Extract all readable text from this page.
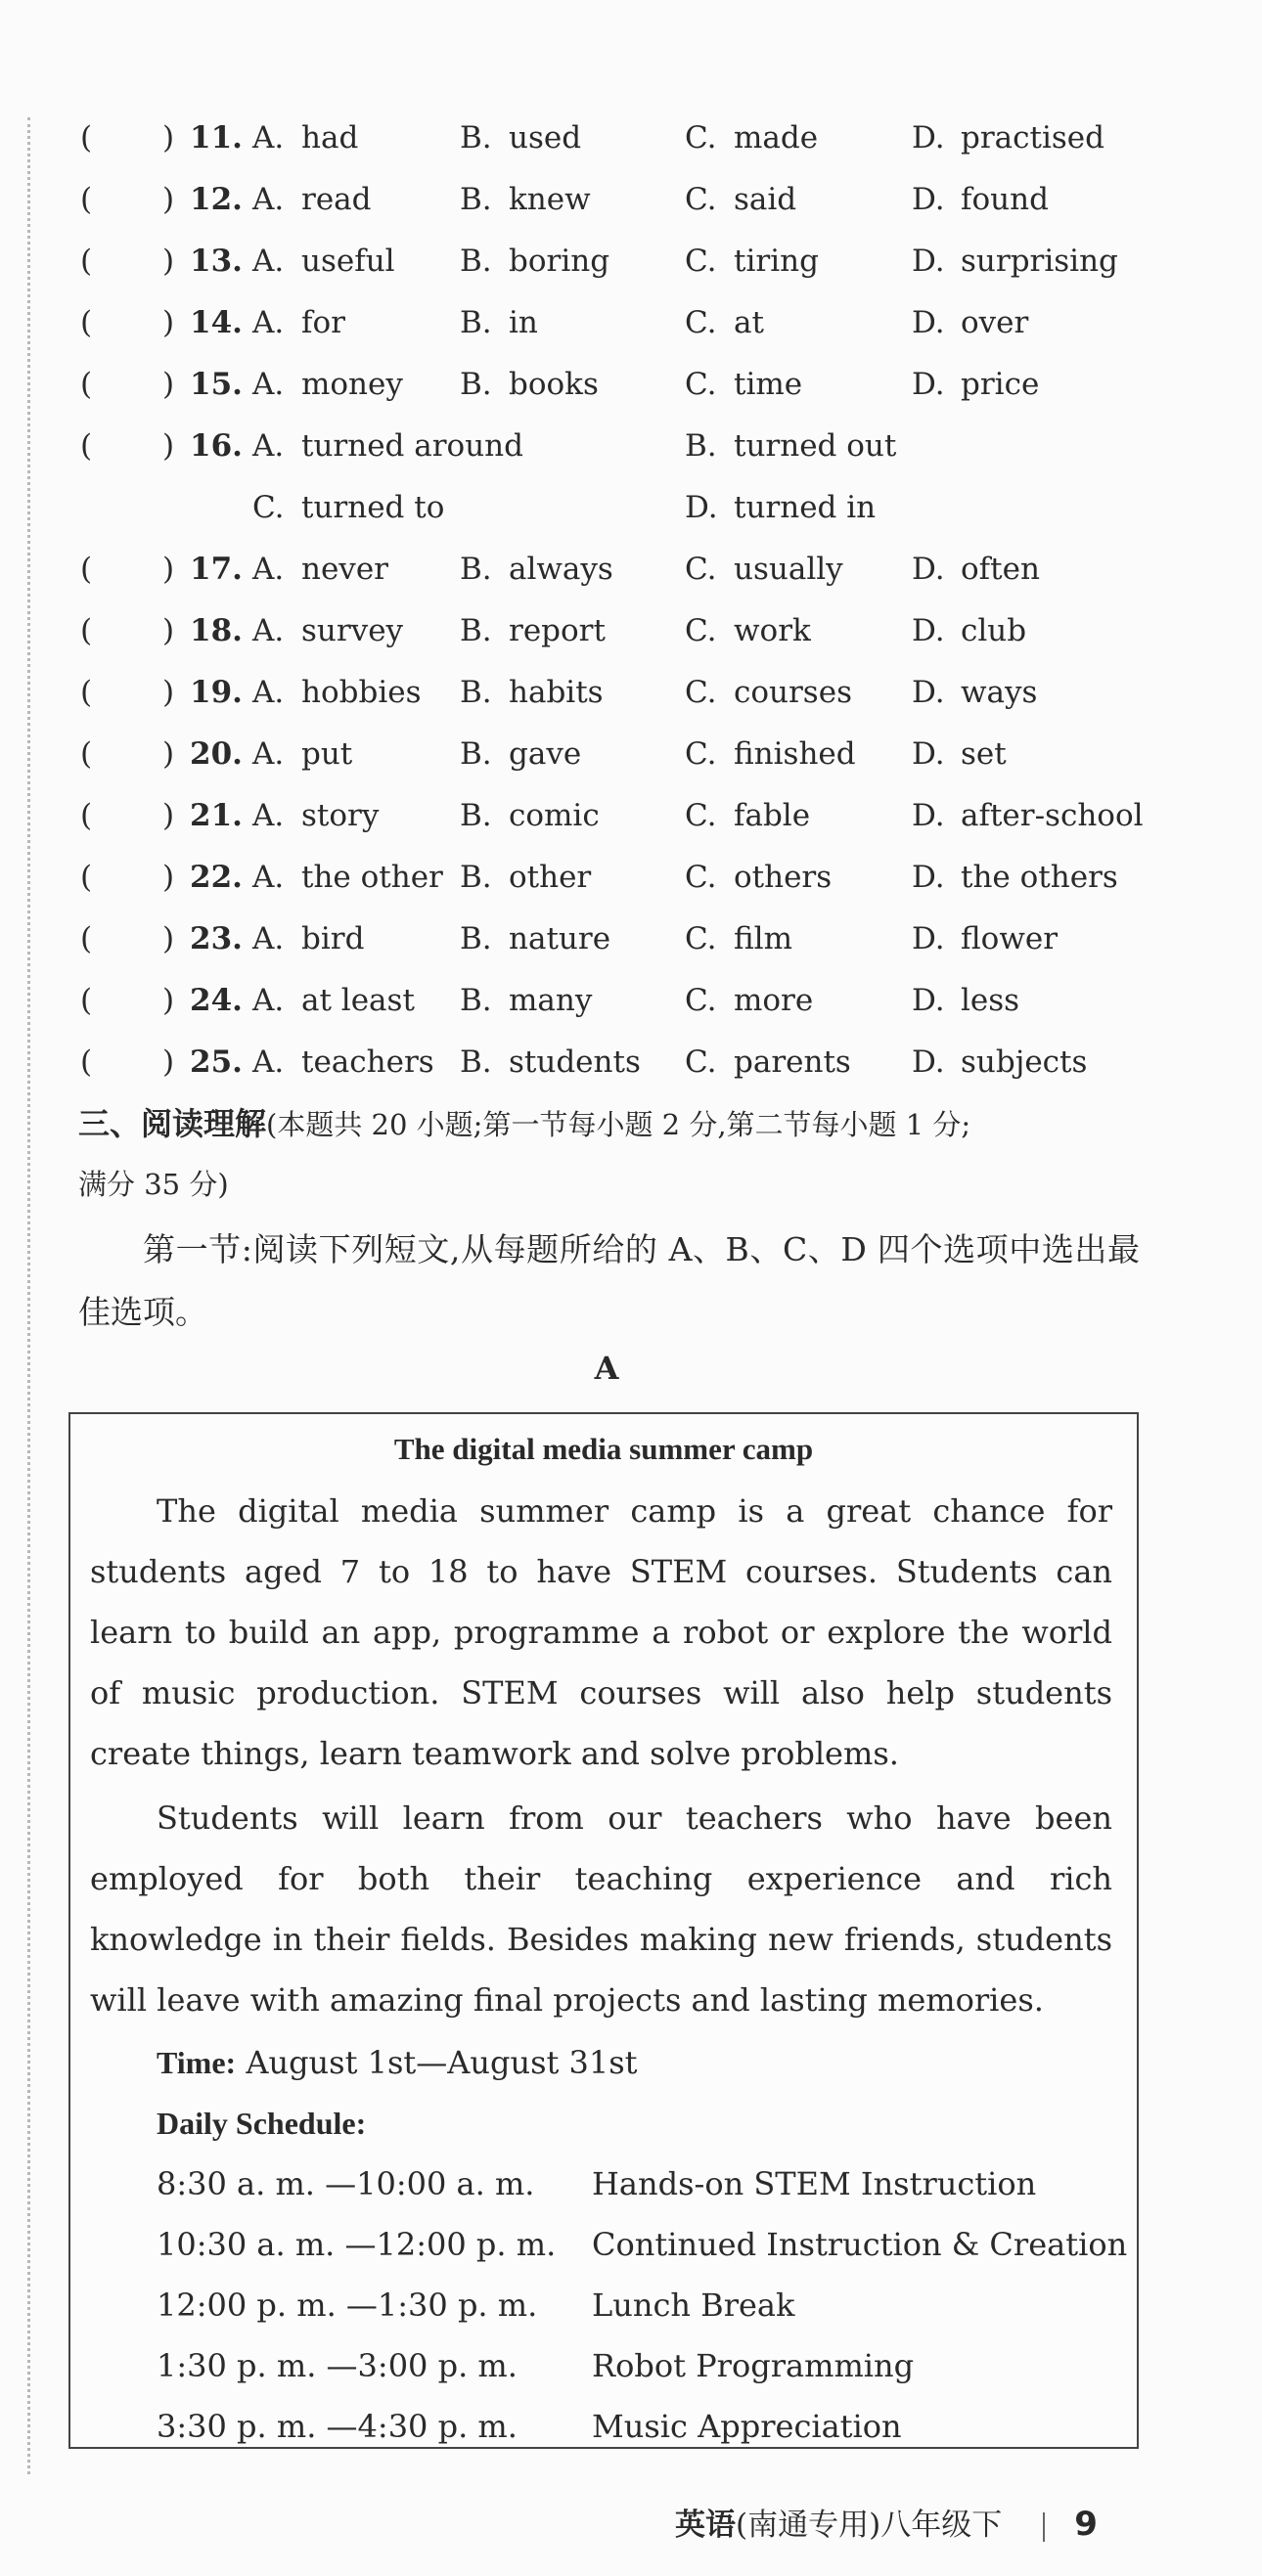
( ) 11. A. had	B. used	C. made	D. practised
( ) 12. A. read	B. knew	C. said	D. found
( ) 13. A. useful B. boring C. tiring	D. surprising
( ) 14. A. for	B. in	C. at	D. over
( ) 15. A. money B. books	C. time	D. price
( ) 16. A. turned around	B. turned out
C. turned to	D. turned in
( ) 17. A. never B. always C. usually D. often
( ) 18. A. survey B. report	C. work	D. club
( ) 19. A. hobbies B. habits	C. courses D. ways
( ) 20. A. put	B. gave	C. finished D. set
( ) 21. A. story	B. comic	C. fable	D. after-school
( ) 22. A. the other B. other	C. others	D. the others
( ) 23. A. bird	B. nature C. film	D. flower
( ) 24. A. at least B. many	C. more	D. less
( ) 25. A. teachers B. students C. parents D. subjects
三、阅读理解(本题共 20 小题;第一节每小题 2 分,第二节每小题 1 分;
满分 35 分)
第一节:阅读下列短文,从每题所给的 A、B、C、D 四个选项中选出最佳选项。
A
The digital media summer camp
The digital media summer camp is a great chance for students aged 7 to 18 to have STEM courses. Students can learn to build an app, programme a robot or explore the world of music production. STEM courses will also help students create things, learn teamwork and solve problems.
Students will learn from our teachers who have been employed for both their teaching experience and rich knowledge in their fields. Besides making new friends, students will leave with amazing final projects and lasting memories.
Time: August 1st—August 31st
Daily Schedule:
8:30 a. m. —10:00 a. m. Hands-on STEM Instruction
10:30 a. m. —12:00 p. m. Continued Instruction & Creation
12:00 p. m. —1:30 p. m. Lunch Break
1:30 p. m. —3:00 p. m. Robot Programming
3:30 p. m. —4:30 p. m. Music Appreciation
英语(南通专用)八年级下 9
